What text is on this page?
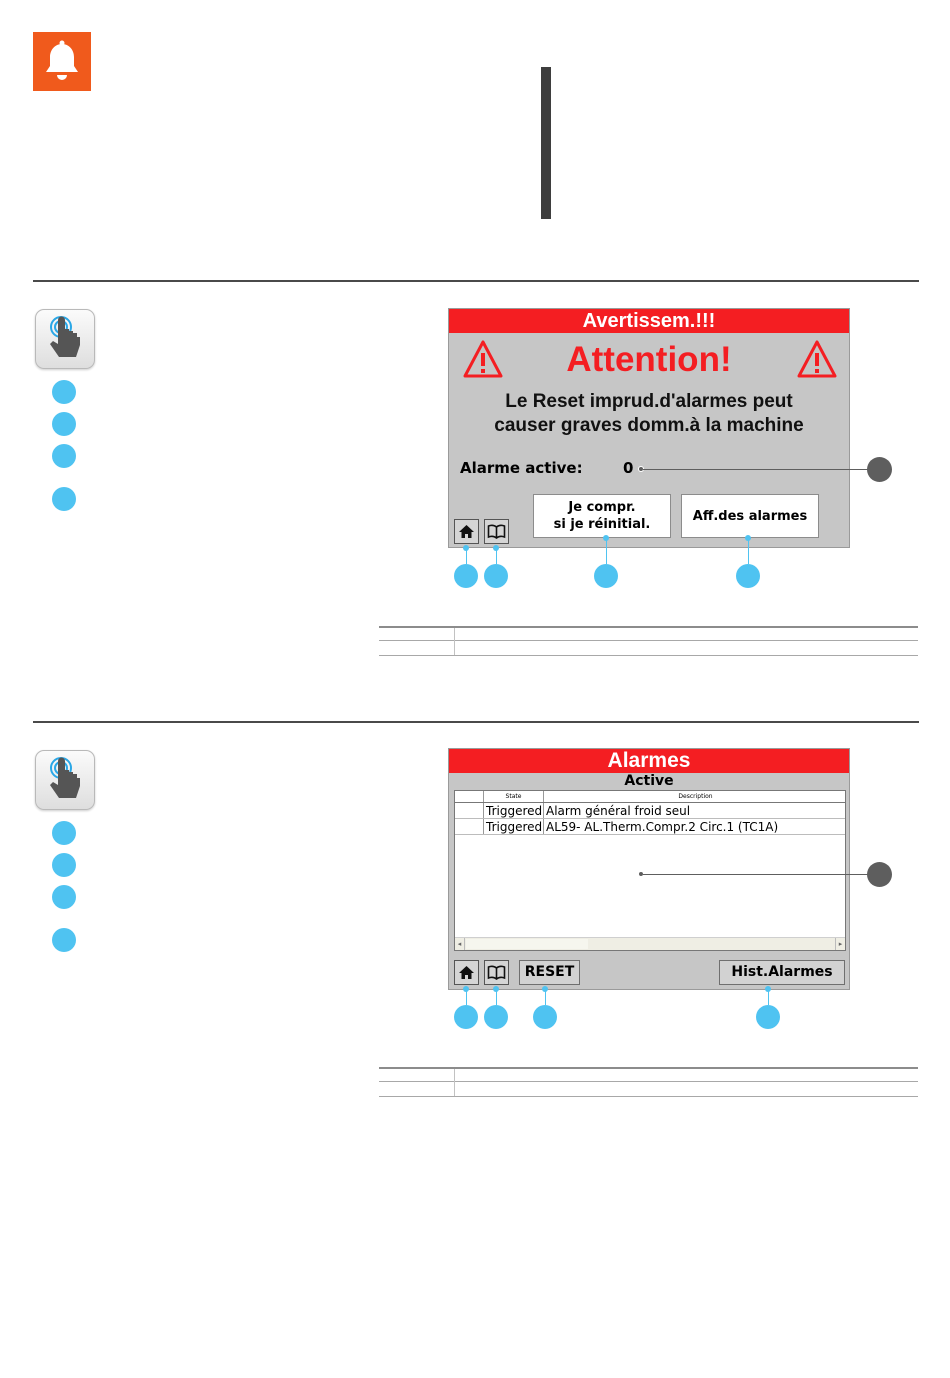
Avertissem.!!!
Attention!
Le Reset imprud.d'alarmes peut
causer graves domm.à la machine
Alarme active:	0
Je compr.
si je réinitial.
Aff.des alarmes
Alarmes
Active
State	Description
Triggered Alarm général froid seul
Triggered AL59- AL.Therm.Compr.2 Circ.1 (TC1A)
◂	▸
RESET	Hist.Alarmes
